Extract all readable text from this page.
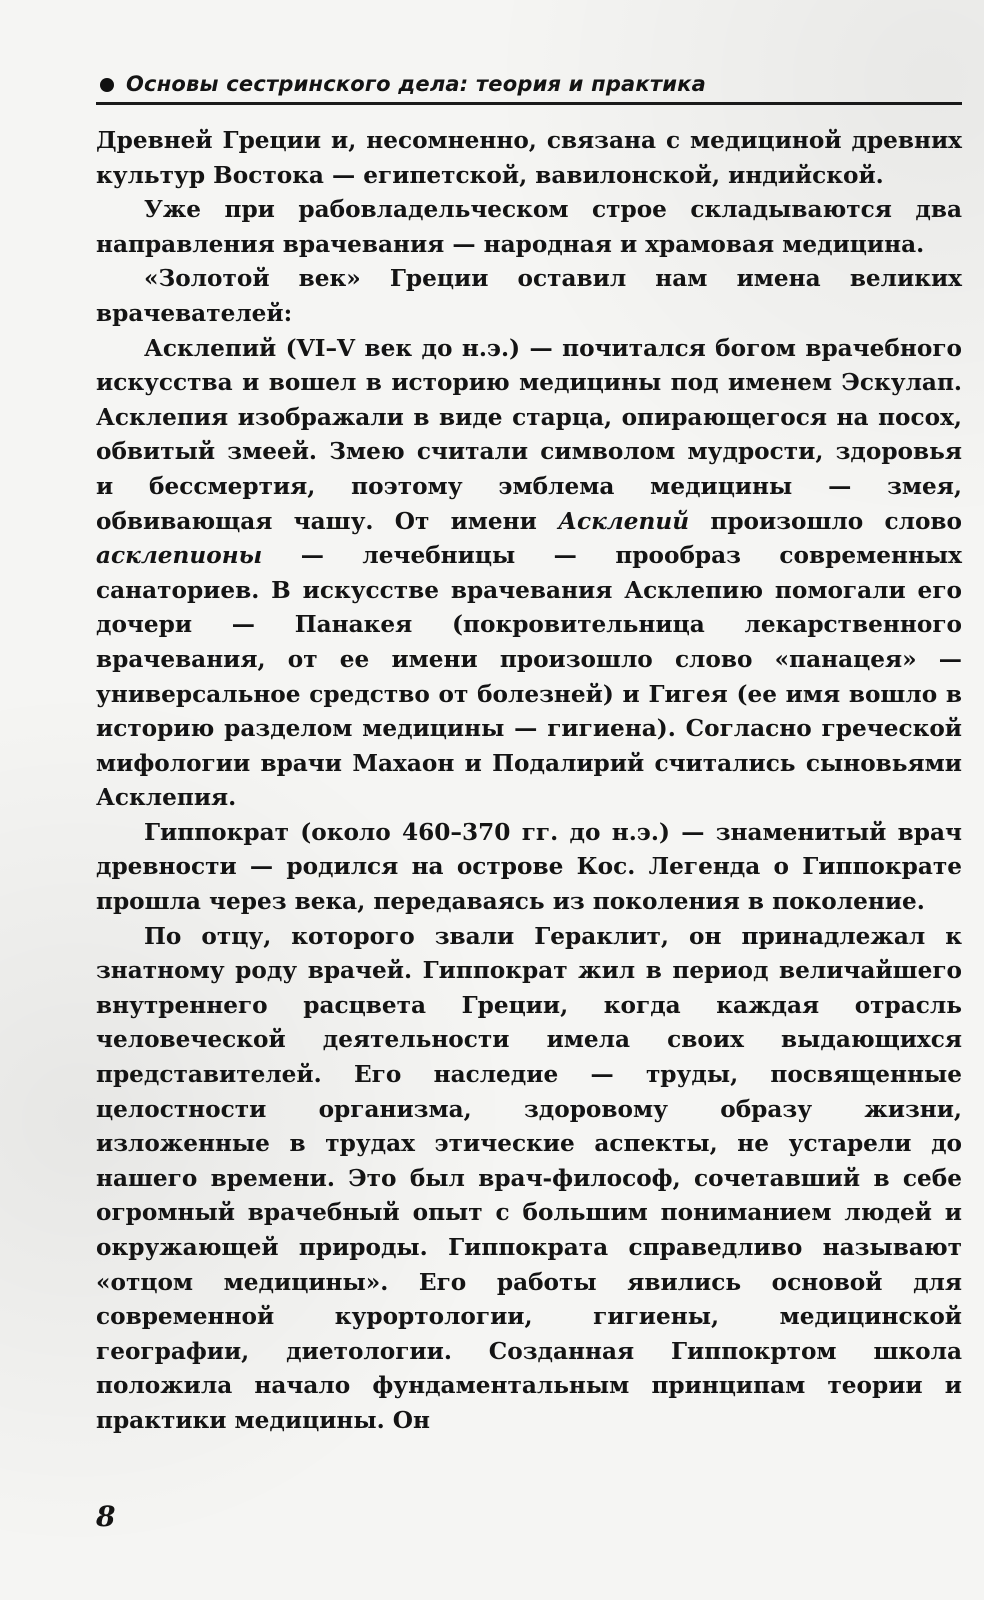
Основы сестринского дела: теория и практика

Древней Греции и, несомненно, связана с медициной древних культур Востока — египетской, вавилонской, индийской.

Уже при рабовладельческом строе складываются два направления врачевания — народная и храмовая медицина.

«Золотой век» Греции оставил нам имена великих врачевателей:

Асклепий (VI–V век до н.э.) — почитался богом врачебного искусства и вошел в историю медицины под именем Эскулап. Асклепия изображали в виде старца, опирающегося на посох, обвитый змеей. Змею считали символом мудрости, здоровья и бессмертия, поэтому эмблема медицины — змея, обвивающая чашу. От имени Асклепий произошло слово асклепионы — лечебницы — прообраз современных санаториев. В искусстве врачевания Асклепию помогали его дочери — Панакея (покровительница лекарственного врачевания, от ее имени произошло слово «панацея» — универсальное средство от болезней) и Гигея (ее имя вошло в историю разделом медицины — гигиена). Согласно греческой мифологии врачи Махаон и Подалирий считались сыновьями Асклепия.

Гиппократ (около 460–370 гг. до н.э.) — знаменитый врач древности — родился на острове Кос. Легенда о Гиппократе прошла через века, передаваясь из поколения в поколение.

По отцу, которого звали Гераклит, он принадлежал к знатному роду врачей. Гиппократ жил в период величайшего внутреннего расцвета Греции, когда каждая отрасль человеческой деятельности имела своих выдающихся представителей. Его наследие — труды, посвященные целостности организма, здоровому образу жизни, изложенные в трудах этические аспекты, не устарели до нашего времени. Это был врач-философ, сочетавший в себе огромный врачебный опыт с большим пониманием людей и окружающей природы. Гиппократа справедливо называют «отцом медицины». Его работы явились основой для современной курортологии, гигиены, медицинской географии, диетологии. Созданная Гиппокртом школа положила начало фундаментальным принципам теории и практики медицины. Он

8
